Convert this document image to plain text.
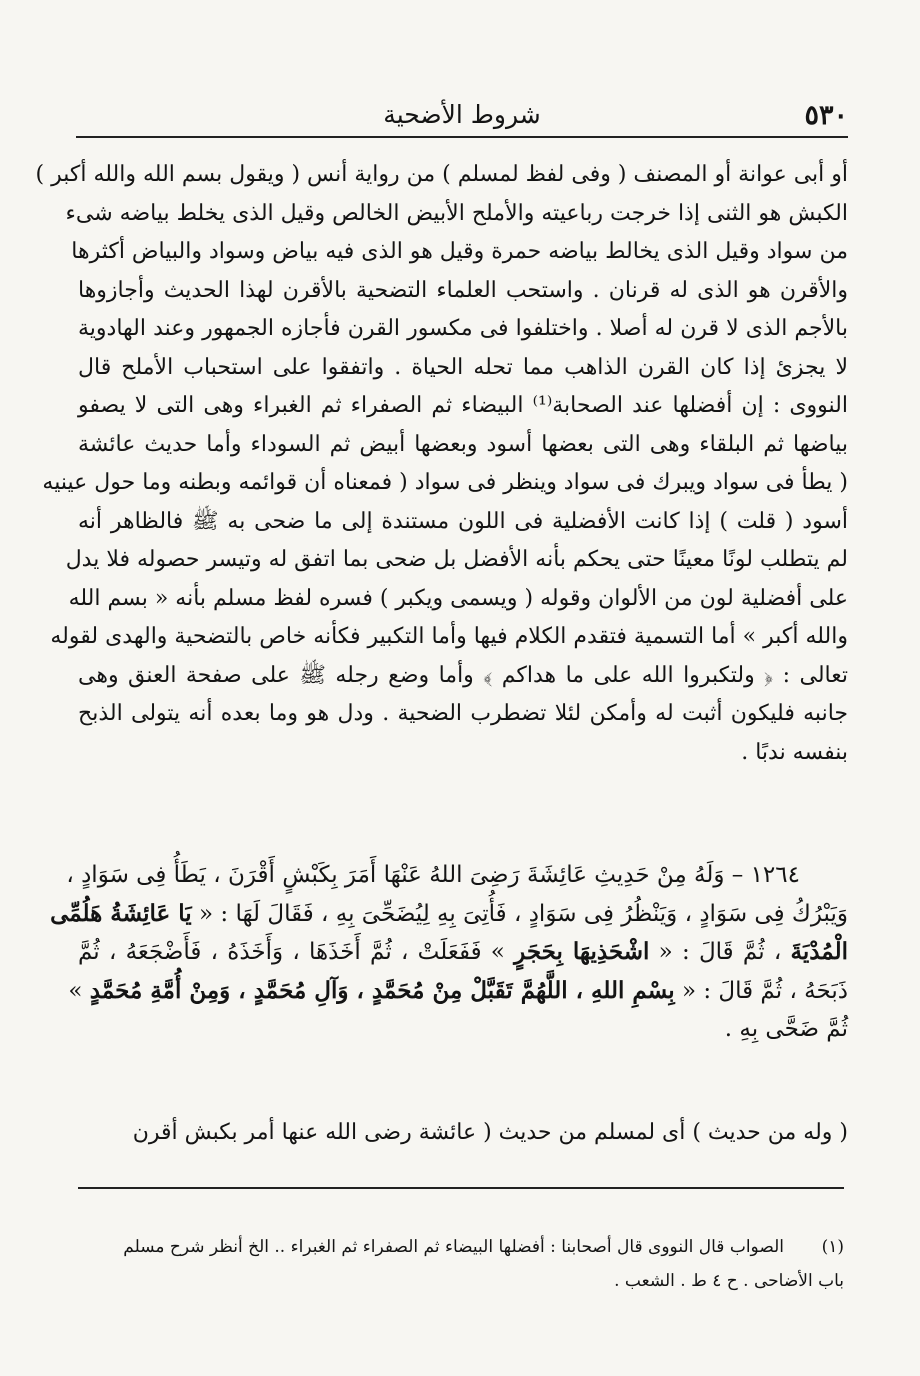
٥٣٠
شروط الأضحية
أو أبى عوانة أو المصنف ( وفى لفظ لمسلم ) من رواية أنس ( ويقول بسم الله والله أكبر )
الكبش هو الثنى إذا خرجت رباعيته والأملح الأبيض الخالص وقيل الذى يخلط بياضه شىء
من سواد وقيل الذى يخالط بياضه حمرة وقيل هو الذى فيه بياض وسواد والبياض أكثرها
والأقرن هو الذى له قرنان . واستحب العلماء التضحية بالأقرن لهذا الحديث وأجازوها
بالأجم الذى لا قرن له أصلا . واختلفوا فى مكسور القرن فأجازه الجمهور وعند الهادوية
لا يجزئ إذا كان القرن الذاهب مما تحله الحياة . واتفقوا على استحباب الأملح قال
النووى : إن أفضلها عند الصحابة⁽¹⁾ البيضاء ثم الصفراء ثم الغبراء وهى التى لا يصفو
بياضها ثم البلقاء وهى التى بعضها أسود وبعضها أبيض ثم السوداء وأما حديث عائشة
( يطأ فى سواد ويبرك فى سواد وينظر فى سواد ( فمعناه أن قوائمه وبطنه وما حول عينيه
أسود ( قلت ) إذا كانت الأفضلية فى اللون مستندة إلى ما ضحى به ﷺ فالظاهر أنه
لم يتطلب لونًا معينًا حتى يحكم بأنه الأفضل بل ضحى بما اتفق له وتيسر حصوله فلا يدل
على أفضلية لون من الألوان وقوله ( ويسمى ويكبر ) فسره لفظ مسلم بأنه « بسم الله
والله أكبر » أما التسمية فتقدم الكلام فيها وأما التكبير فكأنه خاص بالتضحية والهدى لقوله
تعالى : ﴿ ولتكبروا الله على ما هداكم ﴾ وأما وضع رجله ﷺ على صفحة العنق وهى
جانبه فليكون أثبت له وأمكن لئلا تضطرب الضحية . ودل هو وما بعده أنه يتولى الذبح
بنفسه ندبًا .
١٢٦٤ – وَلَهُ مِنْ حَدِيثِ عَائِشَةَ رَضِىَ اللهُ عَنْهَا أَمَرَ بِكَبْشٍ أَقْرَنَ ، يَطَأُ فِى سَوَادٍ ،
وَيَبْرُكُ فِى سَوَادٍ ، وَيَنْظُرُ فِى سَوَادٍ ، فَأُتِىَ بِهِ لِيُضَحِّىَ بِهِ ، فَقَالَ لَهَا : « يَا عَائِشَةُ هَلُمِّى
الْمُدْيَةَ ، ثُمَّ قَالَ : « اشْحَذِيهَا بِحَجَرٍ » فَفَعَلَتْ ، ثُمَّ أَخَذَهَا ، وَأَخَذَهُ ، فَأَضْجَعَهُ ، ثُمَّ
ذَبَحَهُ ، ثُمَّ قَالَ : « بِسْمِ اللهِ ، اللَّهُمَّ تَقَبَّلْ مِنْ مُحَمَّدٍ ، وَآلِ مُحَمَّدٍ ، وَمِنْ أُمَّةِ مُحَمَّدٍ »
ثُمَّ ضَحَّى بِهِ .
( وله من حديث ) أى لمسلم من حديث ( عائشة رضى الله عنها أمر بكبش أقرن
(١)الصواب قال النووى قال أصحابنا : أفضلها البيضاء ثم الصفراء ثم الغبراء .. الخ أنظر شرح مسلم
باب الأضاحى . ح ٤ ط . الشعب .
